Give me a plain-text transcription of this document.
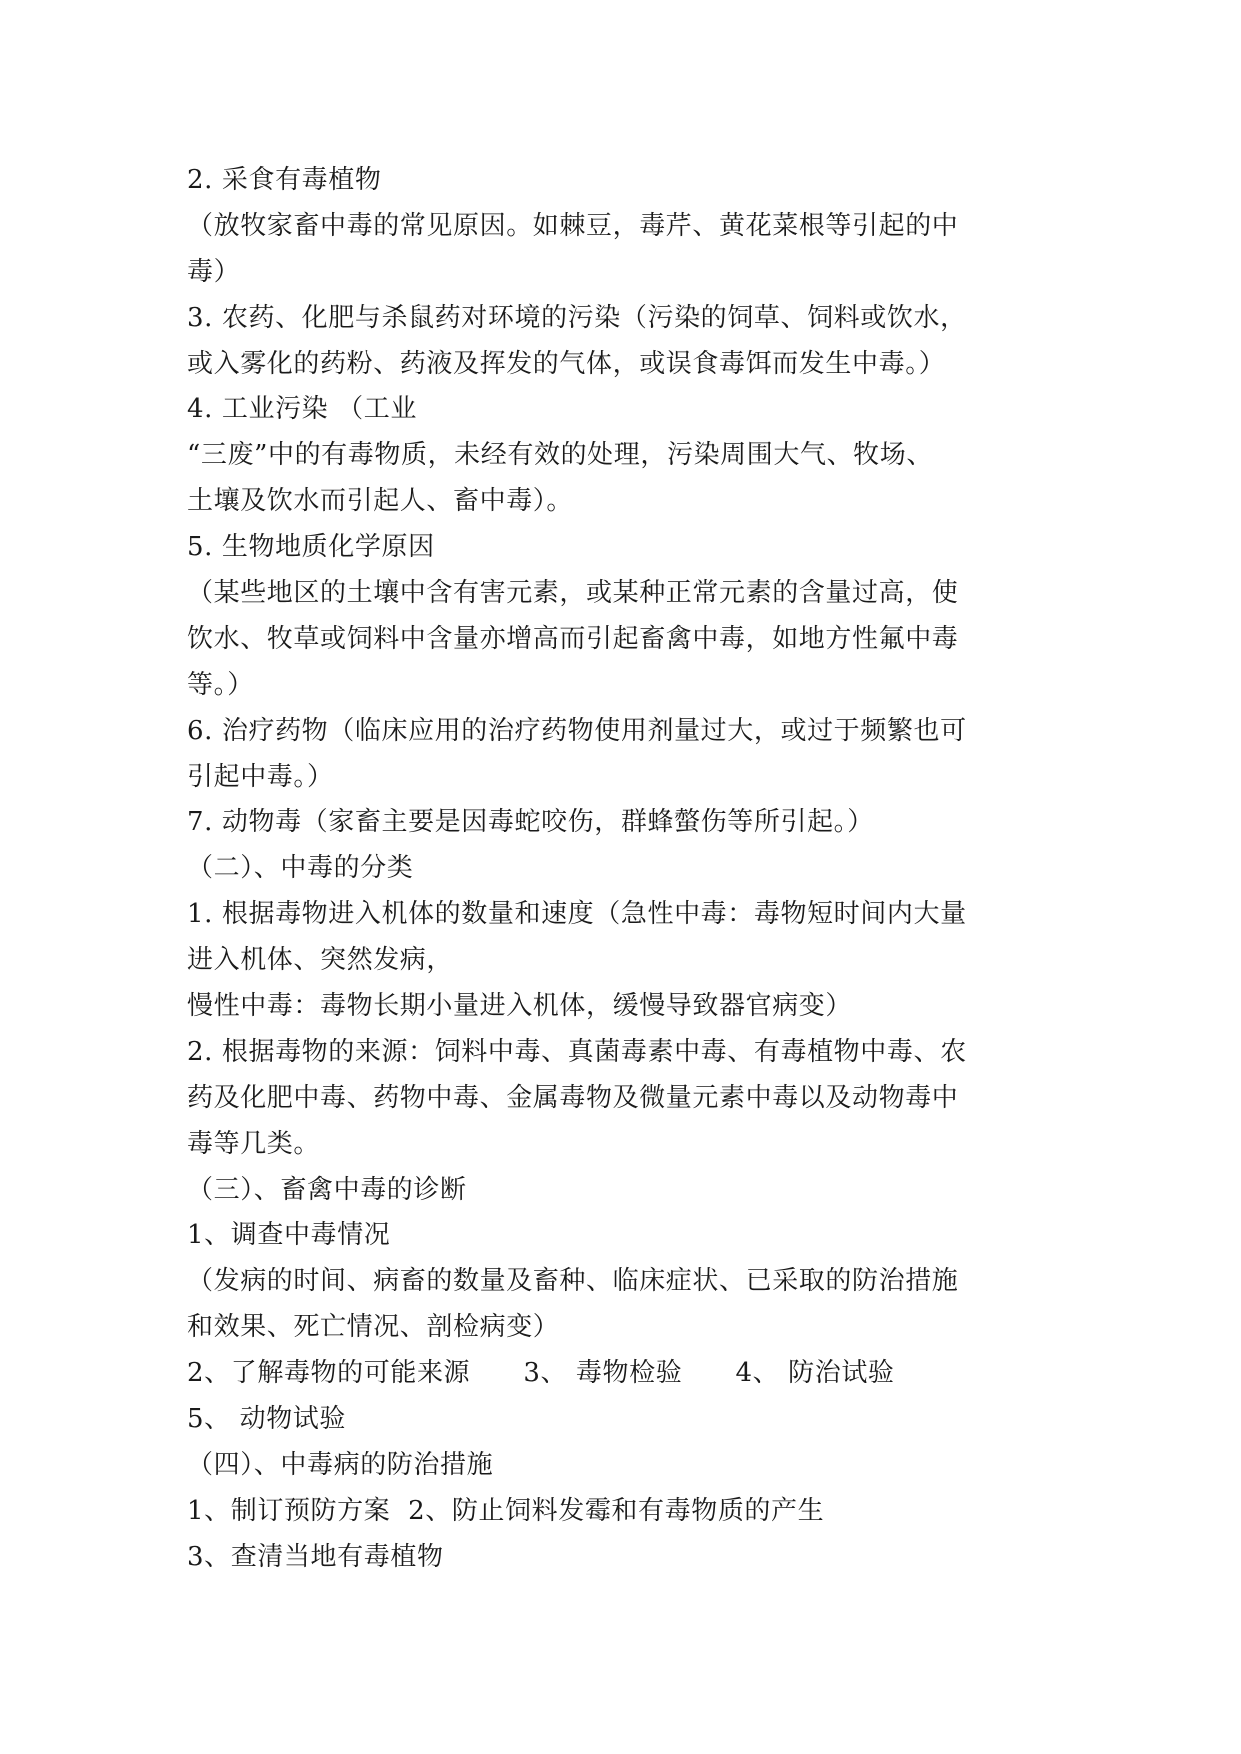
2. 采食有毒植物
（放牧家畜中毒的常见原因。如棘豆，毒芹、黄花菜根等引起的中
毒）
3. 农药、化肥与杀鼠药对环境的污染（污染的饲草、饲料或饮水，
或入雾化的药粉、药液及挥发的气体，或误食毒饵而发生中毒。）
4. 工业污染 （工业
“三废”中的有毒物质，未经有效的处理，污染周围大气、牧场、
土壤及饮水而引起人、畜中毒）。
5. 生物地质化学原因
（某些地区的土壤中含有害元素，或某种正常元素的含量过高，使
饮水、牧草或饲料中含量亦增高而引起畜禽中毒，如地方性氟中毒
等。）
6. 治疗药物（临床应用的治疗药物使用剂量过大，或过于频繁也可
引起中毒。）
7. 动物毒（家畜主要是因毒蛇咬伤，群蜂螫伤等所引起。）
（二）、中毒的分类
1. 根据毒物进入机体的数量和速度（急性中毒：毒物短时间内大量
进入机体、突然发病，
慢性中毒：毒物长期小量进入机体，缓慢导致器官病变）
2. 根据毒物的来源：饲料中毒、真菌毒素中毒、有毒植物中毒、农
药及化肥中毒、药物中毒、金属毒物及微量元素中毒以及动物毒中
毒等几类。
（三）、畜禽中毒的诊断
1、调查中毒情况
（发病的时间、病畜的数量及畜种、临床症状、已采取的防治措施
和效果、死亡情况、剖检病变）
2、了解毒物的可能来源      3、 毒物检验      4、 防治试验
5、 动物试验
（四）、中毒病的防治措施
1、制订预防方案  2、防止饲料发霉和有毒物质的产生
3、查清当地有毒植物
